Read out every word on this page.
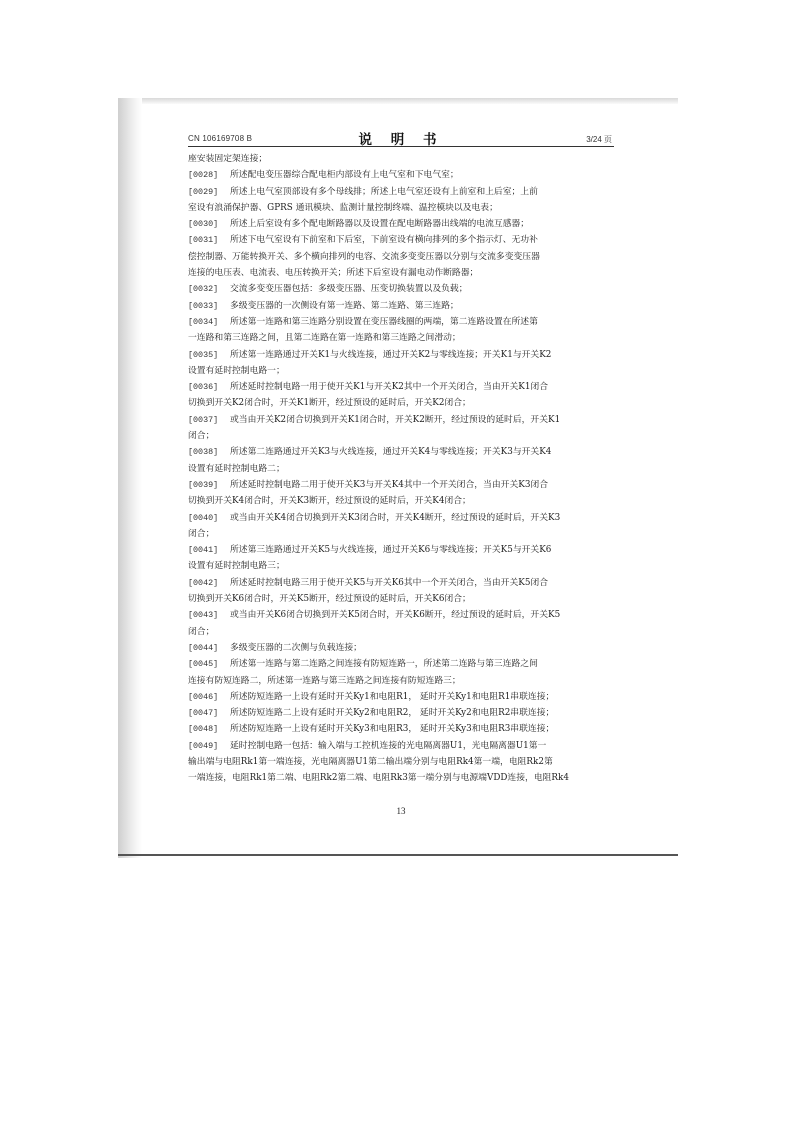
CN 106169708 B	说 明 书	3/24 页
座安装固定架连接；
[0028] 所述配电变压器综合配电柜内部设有上电气室和下电气室；
[0029] 所述上电气室顶部设有多个母线排；所述上电气室还设有上前室和上后室；上前
室设有浪涌保护器、GPRS 通讯模块、监测计量控制终端、温控模块以及电表；
[0030] 所述上后室设有多个配电断路器以及设置在配电断路器出线端的电流互感器；
[0031] 所述下电气室设有下前室和下后室，下前室设有横向排列的多个指示灯、无功补
偿控制器、万能转换开关、多个横向排列的电容、交流多变变压器以分别与交流多变变压器
连接的电压表、电流表、电压转换开关；所述下后室设有漏电动作断路器；
[0032] 交流多变变压器包括：多级变压器、压变切换装置以及负载；
[0033] 多级变压器的一次侧设有第一连路、第二连路、第三连路；
[0034] 所述第一连路和第三连路分别设置在变压器线圈的两端，第二连路设置在所述第
一连路和第三连路之间，且第二连路在第一连路和第三连路之间滑动；
[0035] 所述第一连路通过开关K1与火线连接，通过开关K2与零线连接；开关K1与开关K2
设置有延时控制电路一；
[0036] 所述延时控制电路一用于使开关K1与开关K2其中一个开关闭合，当由开关K1闭合
切换到开关K2闭合时，开关K1断开，经过预设的延时后，开关K2闭合；
[0037] 或当由开关K2闭合切换到开关K1闭合时，开关K2断开，经过预设的延时后，开关K1
闭合；
[0038] 所述第二连路通过开关K3与火线连接，通过开关K4与零线连接；开关K3与开关K4
设置有延时控制电路二；
[0039] 所述延时控制电路二用于使开关K3与开关K4其中一个开关闭合，当由开关K3闭合
切换到开关K4闭合时，开关K3断开，经过预设的延时后，开关K4闭合；
[0040] 或当由开关K4闭合切换到开关K3闭合时，开关K4断开，经过预设的延时后，开关K3
闭合；
[0041] 所述第三连路通过开关K5与火线连接，通过开关K6与零线连接；开关K5与开关K6
设置有延时控制电路三；
[0042] 所述延时控制电路三用于使开关K5与开关K6其中一个开关闭合，当由开关K5闭合
切换到开关K6闭合时，开关K5断开，经过预设的延时后，开关K6闭合；
[0043] 或当由开关K6闭合切换到开关K5闭合时，开关K6断开，经过预设的延时后，开关K5
闭合；
[0044] 多级变压器的二次侧与负载连接；
[0045] 所述第一连路与第二连路之间连接有防短连路一，所述第二连路与第三连路之间
连接有防短连路二，所述第一连路与第三连路之间连接有防短连路三；
[0046] 所述防短连路一上设有延时开关Ky1和电阻R1， 延时开关Ky1和电阻R1串联连接；
[0047] 所述防短连路二上设有延时开关Ky2和电阻R2， 延时开关Ky2和电阻R2串联连接；
[0048] 所述防短连路一上设有延时开关Ky3和电阻R3， 延时开关Ky3和电阻R3串联连接；
[0049] 延时控制电路一包括：输入端与工控机连接的光电隔离器U1，光电隔离器U1第一
输出端与电阻Rk1第一端连接，光电隔离器U1第二输出端分别与电阻Rk4第一端，电阻Rk2第
一端连接，电阻Rk1第二端、电阻Rk2第二端、电阻Rk3第一端分别与电源端VDD连接，电阻Rk4
13
